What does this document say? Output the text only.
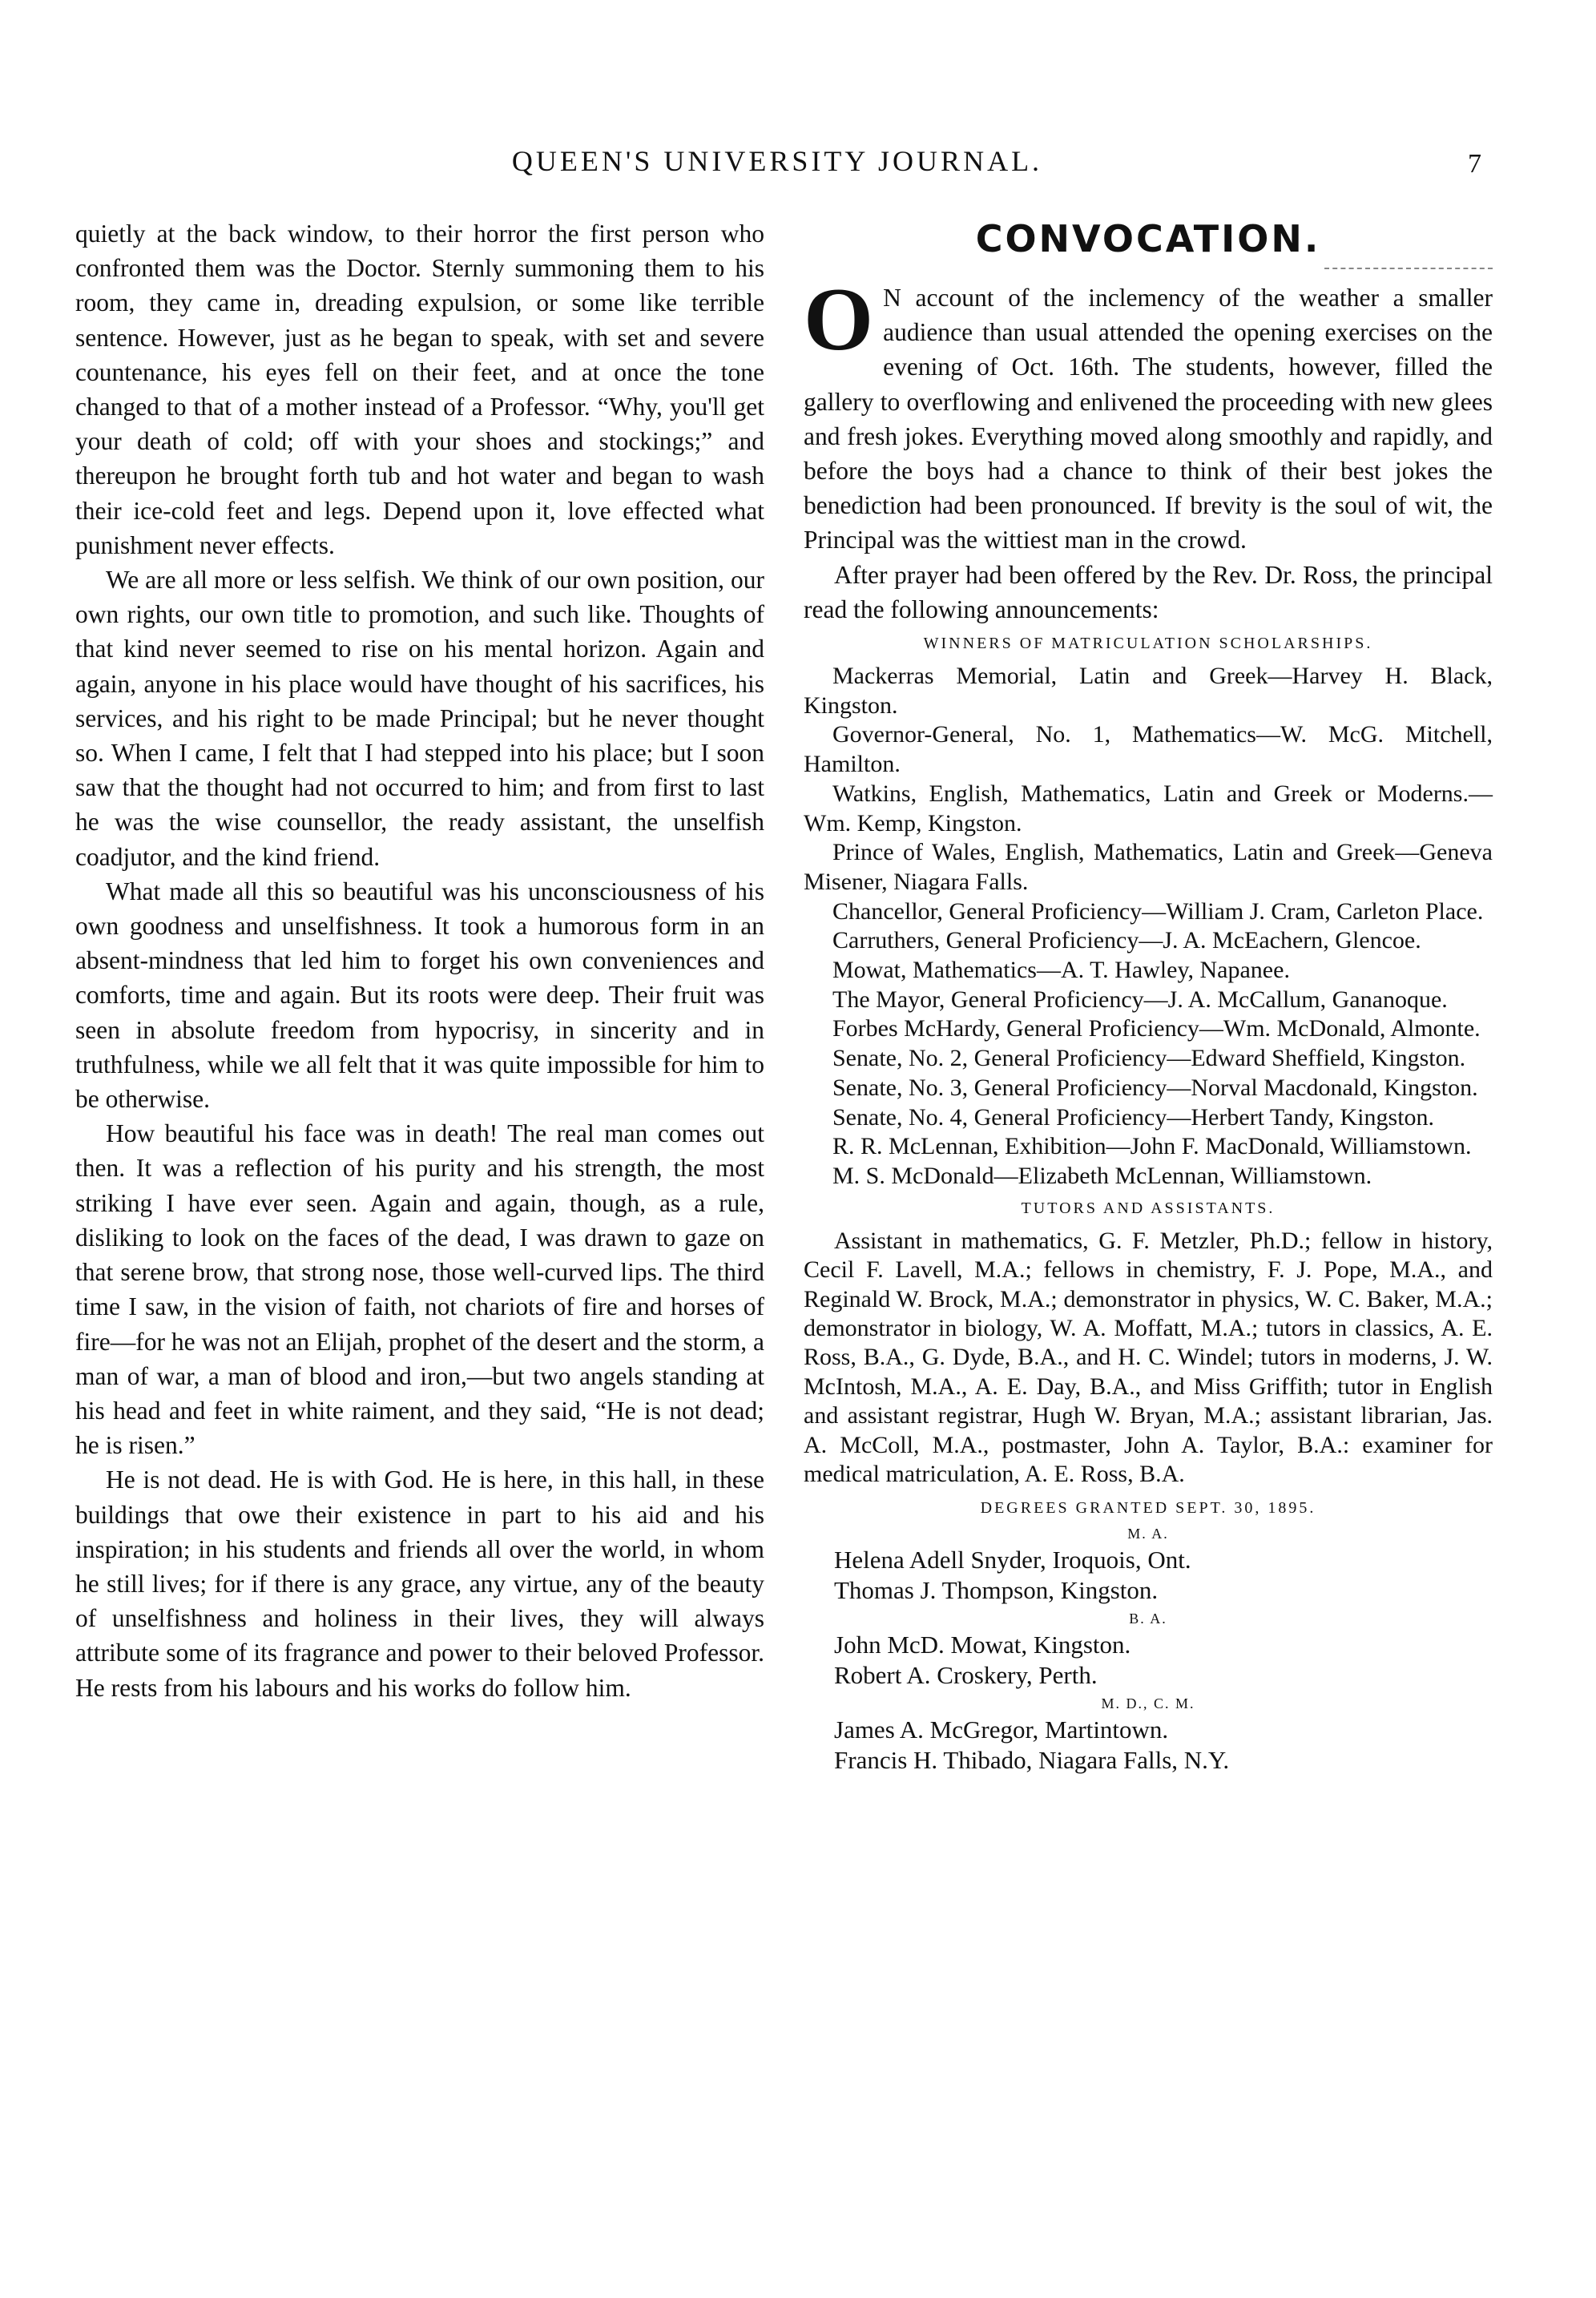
QUEEN'S UNIVERSITY JOURNAL.	7

quietly at the back window, to their horror the first person who confronted them was the Doctor. Sternly summoning them to his room, they came in, dreading expulsion, or some like terrible sentence. However, just as he began to speak, with set and severe countenance, his eyes fell on their feet, and at once the tone changed to that of a mother instead of a Professor. “Why, you'll get your death of cold; off with your shoes and stockings;” and thereupon he brought forth tub and hot water and began to wash their ice-cold feet and legs. Depend upon it, love effected what punishment never effects.

We are all more or less selfish. We think of our own position, our own rights, our own title to promotion, and such like. Thoughts of that kind never seemed to rise on his mental horizon. Again and again, anyone in his place would have thought of his sacrifices, his services, and his right to be made Principal; but he never thought so. When I came, I felt that I had stepped into his place; but I soon saw that the thought had not occurred to him; and from first to last he was the wise counsellor, the ready assistant, the unselfish coadjutor, and the kind friend.

What made all this so beautiful was his unconsciousness of his own goodness and unselfishness. It took a humorous form in an absent-mindness that led him to forget his own conveniences and comforts, time and again. But its roots were deep. Their fruit was seen in absolute freedom from hypocrisy, in sincerity and in truthfulness, while we all felt that it was quite impossible for him to be otherwise.

How beautiful his face was in death! The real man comes out then. It was a reflection of his purity and his strength, the most striking I have ever seen. Again and again, though, as a rule, disliking to look on the faces of the dead, I was drawn to gaze on that serene brow, that strong nose, those well-curved lips. The third time I saw, in the vision of faith, not chariots of fire and horses of fire—for he was not an Elijah, prophet of the desert and the storm, a man of war, a man of blood and iron,—but two angels standing at his head and feet in white raiment, and they said, “He is not dead; he is risen.”

He is not dead. He is with God. He is here, in this hall, in these buildings that owe their existence in part to his aid and his inspiration; in his students and friends all over the world, in whom he still lives; for if there is any grace, any virtue, any of the beauty of unselfishness and holiness in their lives, they will always attribute some of its fragrance and power to their beloved Professor. He rests from his labours and his works do follow him.

CONVOCATION.

O N account of the inclemency of the weather a smaller audience than usual attended the opening exercises on the evening of Oct. 16th. The students, however, filled the gallery to overflowing and enlivened the proceeding with new glees and fresh jokes. Everything moved along smoothly and rapidly, and before the boys had a chance to think of their best jokes the benediction had been pronounced. If brevity is the soul of wit, the Principal was the wittiest man in the crowd.

After prayer had been offered by the Rev. Dr. Ross, the principal read the following announcements:

WINNERS OF MATRICULATION SCHOLARSHIPS.

Mackerras Memorial, Latin and Greek—Harvey H. Black, Kingston.

Governor-General, No. 1, Mathematics—W. McG. Mitchell, Hamilton.

Watkins, English, Mathematics, Latin and Greek or Moderns.—Wm. Kemp, Kingston.

Prince of Wales, English, Mathematics, Latin and Greek—Geneva Misener, Niagara Falls.

Chancellor, General Proficiency—William J. Cram, Carleton Place.

Carruthers, General Proficiency—J. A. McEachern, Glencoe.

Mowat, Mathematics—A. T. Hawley, Napanee.

The Mayor, General Proficiency—J. A. McCallum, Gananoque.

Forbes McHardy, General Proficiency—Wm. McDonald, Almonte.

Senate, No. 2, General Proficiency—Edward Sheffield, Kingston.

Senate, No. 3, General Proficiency—Norval Macdonald, Kingston.

Senate, No. 4, General Proficiency—Herbert Tandy, Kingston.

R. R. McLennan, Exhibition—John F. MacDonald, Williamstown.

M. S. McDonald—Elizabeth McLennan, Williamstown.

TUTORS AND ASSISTANTS.

Assistant in mathematics, G. F. Metzler, Ph.D.; fellow in history, Cecil F. Lavell, M.A.; fellows in chemistry, F. J. Pope, M.A., and Reginald W. Brock, M.A.; demonstrator in physics, W. C. Baker, M.A.; demonstrator in biology, W. A. Moffatt, M.A.; tutors in classics, A. E. Ross, B.A., G. Dyde, B.A., and H. C. Windel; tutors in moderns, J. W. McIntosh, M.A., A. E. Day, B.A., and Miss Griffith; tutor in English and assistant registrar, Hugh W. Bryan, M.A.; assistant librarian, Jas. A. McColl, M.A., postmaster, John A. Taylor, B.A.: examiner for medical matriculation, A. E. Ross, B.A.

DEGREES GRANTED SEPT. 30, 1895.
M. A.

Helena Adell Snyder, Iroquois, Ont.

Thomas J. Thompson, Kingston.

B. A.

John McD. Mowat, Kingston.

Robert A. Croskery, Perth.

M. D., C. M.

James A. McGregor, Martintown.

Francis H. Thibado, Niagara Falls, N.Y.
